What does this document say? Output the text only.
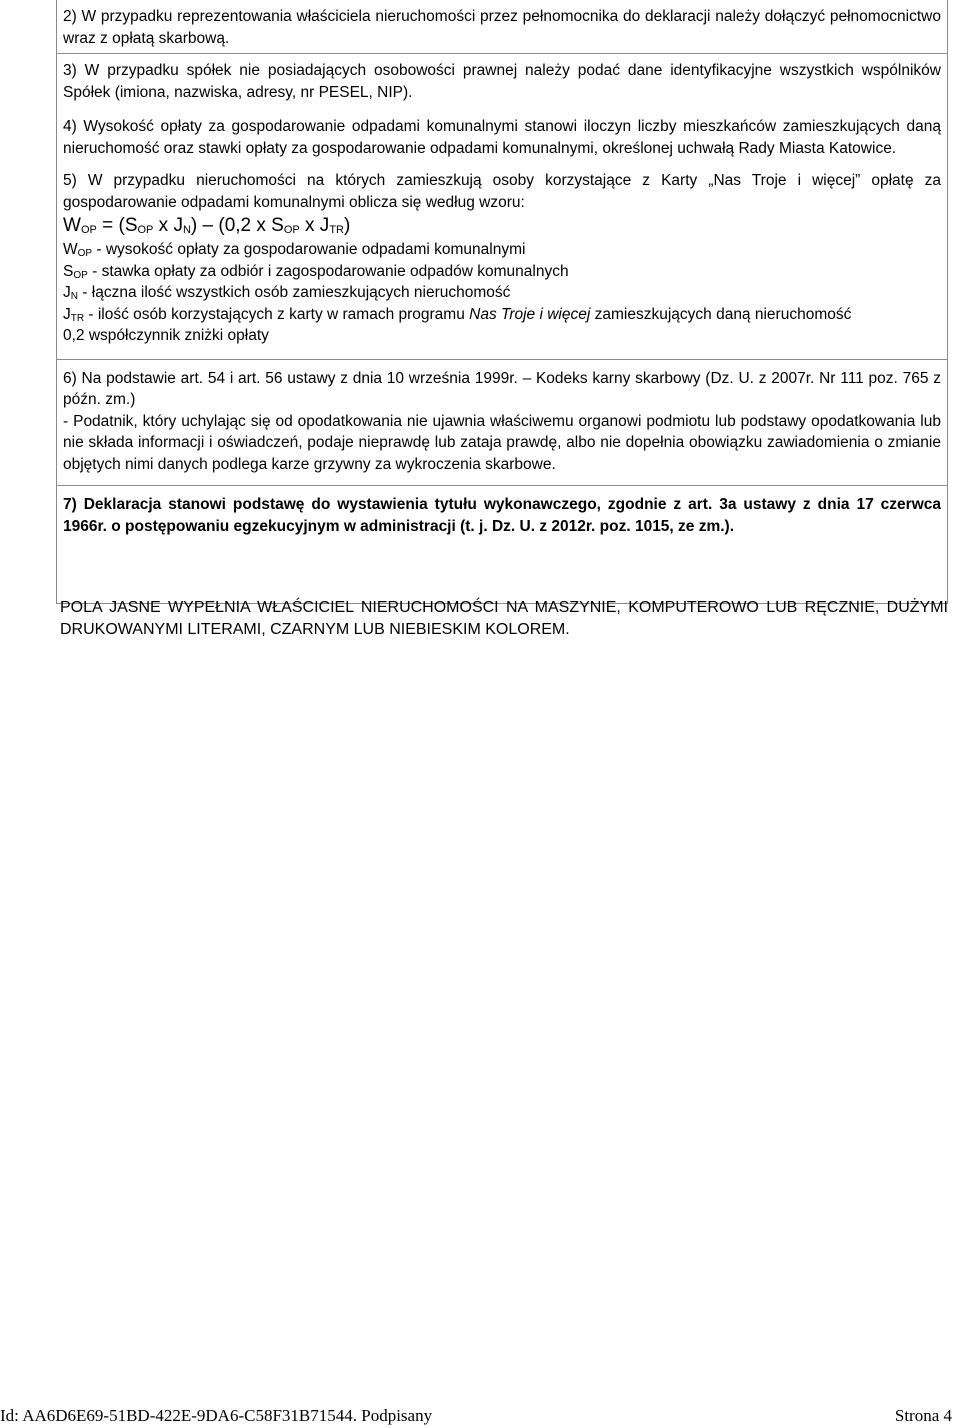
2) W przypadku reprezentowania właściciela nieruchomości przez pełnomocnika do deklaracji należy dołączyć pełnomocnictwo wraz z opłatą skarbową.

3) W przypadku spółek nie posiadających osobowości prawnej należy podać dane identyfikacyjne wszystkich wspólników Spółek (imiona, nazwiska, adresy, nr PESEL, NIP).

4) Wysokość opłaty za gospodarowanie odpadami komunalnymi stanowi iloczyn liczby mieszkańców zamieszkujących daną nieruchomość oraz stawki opłaty za gospodarowanie odpadami komunalnymi, określonej uchwałą Rady Miasta Katowice.

5) W przypadku nieruchomości na których zamieszkują osoby korzystające z Karty „Nas Troje i więcej” opłatę za gospodarowanie odpadami komunalnymi oblicza się według wzoru:

$W_{OP} = (S_{OP}$ x $J_N) - (0,2$ x $S_{OP}$ x $J_{TR}$)

$W_{OP}$ - wysokość opłaty za gospodarowanie odpadami komunalnymi

$S_{OP}$ - stawka opłaty za odbiór i zagospodarowanie odpadów komunalnych

$J_N$ - łączna ilość wszystkich osób zamieszkujących nieruchomość

$J_{TR}$ - ilość osób korzystających z karty w ramach programu Nas Troje i więcej zamieszkujących daną nieruchomość

0,2 współczynnik zniżki opłaty

6) Na podstawie art. 54 i art. 56 ustawy z dnia 10 września 1999r. – Kodeks karny skarbowy (Dz. U. z 2007r. Nr 111 poz. 765 z późn. zm.)

- Podatnik, który uchylając się od opodatkowania nie ujawnia właściwemu organowi podmiotu lub podstawy opodatkowania lub nie składa informacji i oświadczeń, podaje nieprawdę lub zataja prawdę, albo nie dopełnia obowiązku zawiadomienia o zmianie objętych nimi danych podlega karze grzywny za wykroczenia skarbowe.

7) Deklaracja stanowi podstawę do wystawienia tytułu wykonawczego, zgodnie z art. 3a ustawy z dnia 17 czerwca 1966r. o postępowaniu egzekucyjnym w administracji (t. j. Dz. U. z 2012r. poz. 1015, ze zm.).

POLA JASNE WYPEŁNIA WŁAŚCICIEL NIERUCHOMOŚCI NA MASZYNIE, KOMPUTEROWO LUB RĘCZNIE, DUŻYMI DRUKOWANYMI LITERAMI, CZARNYM LUB NIEBIESKIM KOLOREM.
Id: AA6D6E69-51BD-422E-9DA6-C58F31B71544. Podpisany	Strona 4
